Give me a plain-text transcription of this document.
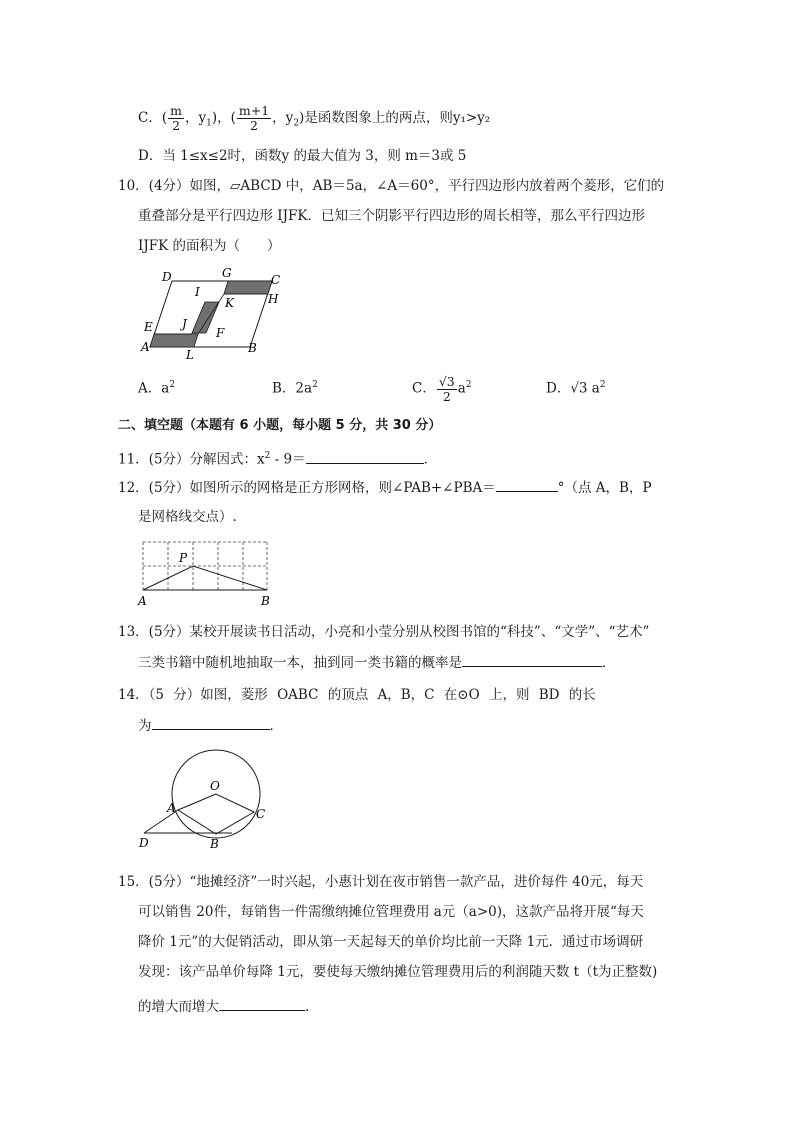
C．( $\frac{m}{2}$ ，$y_1$)，( $\frac{m+1}{2}$ ，$y_2$)是函数图象上的两点，则y₁>y₂
D．当 1≤x≤2时，函数y 的最大值为 3，则 m＝3或 5
10．(4分）如图，▱ABCD 中，AB＝5a，∠A＝60°，平行四边形内放着两个菱形，它们的
重叠部分是平行四边形 IJFK．已知三个阴影平行四边形的周长相等，那么平行四边形
IJFK 的面积为（　　）
D	G	C
H
I
K
E J
F
A
L	B
A．$a^2$	B．$2a^2$	C． $\frac{√3}{2} a^2$	D．√3 $a^2$
二、填空题（本题有 6 小题，每小题 5 分，共 30 分）
11．(5分）分解因式：$x^2 - 9=$	．
12．(5分）如图所示的网格是正方形网格，则∠PAB+∠PBA＝	°（点 A，B，P
是网格线交点）.
P
A	B
13．(5分）某校开展读书日活动，小亮和小莹分别从校图书馆的“科技”、“文学”、“艺术”
三类书籍中随机地抽取一本，抽到同一类书籍的概率是	．
14．（5 分）如图，菱形 OABC 的顶点 A，B，C 在⊙O 上，则 BD 的长
为	．
O
A	C
D	B
15．(5分）“地摊经济”一时兴起，小惠计划在夜市销售一款产品，进价每件 40元，每天
可以销售 20件，每销售一件需缴纳摊位管理费用 a元（a>0)，这款产品将开展“每天
降价 1元”的大促销活动，即从第一天起每天的单价均比前一天降 1元．通过市场调研
发现：该产品单价每降 1元，要使每天缴纳摊位管理费用后的利润随天数 t（t为正整数)
的增大而增大	.
